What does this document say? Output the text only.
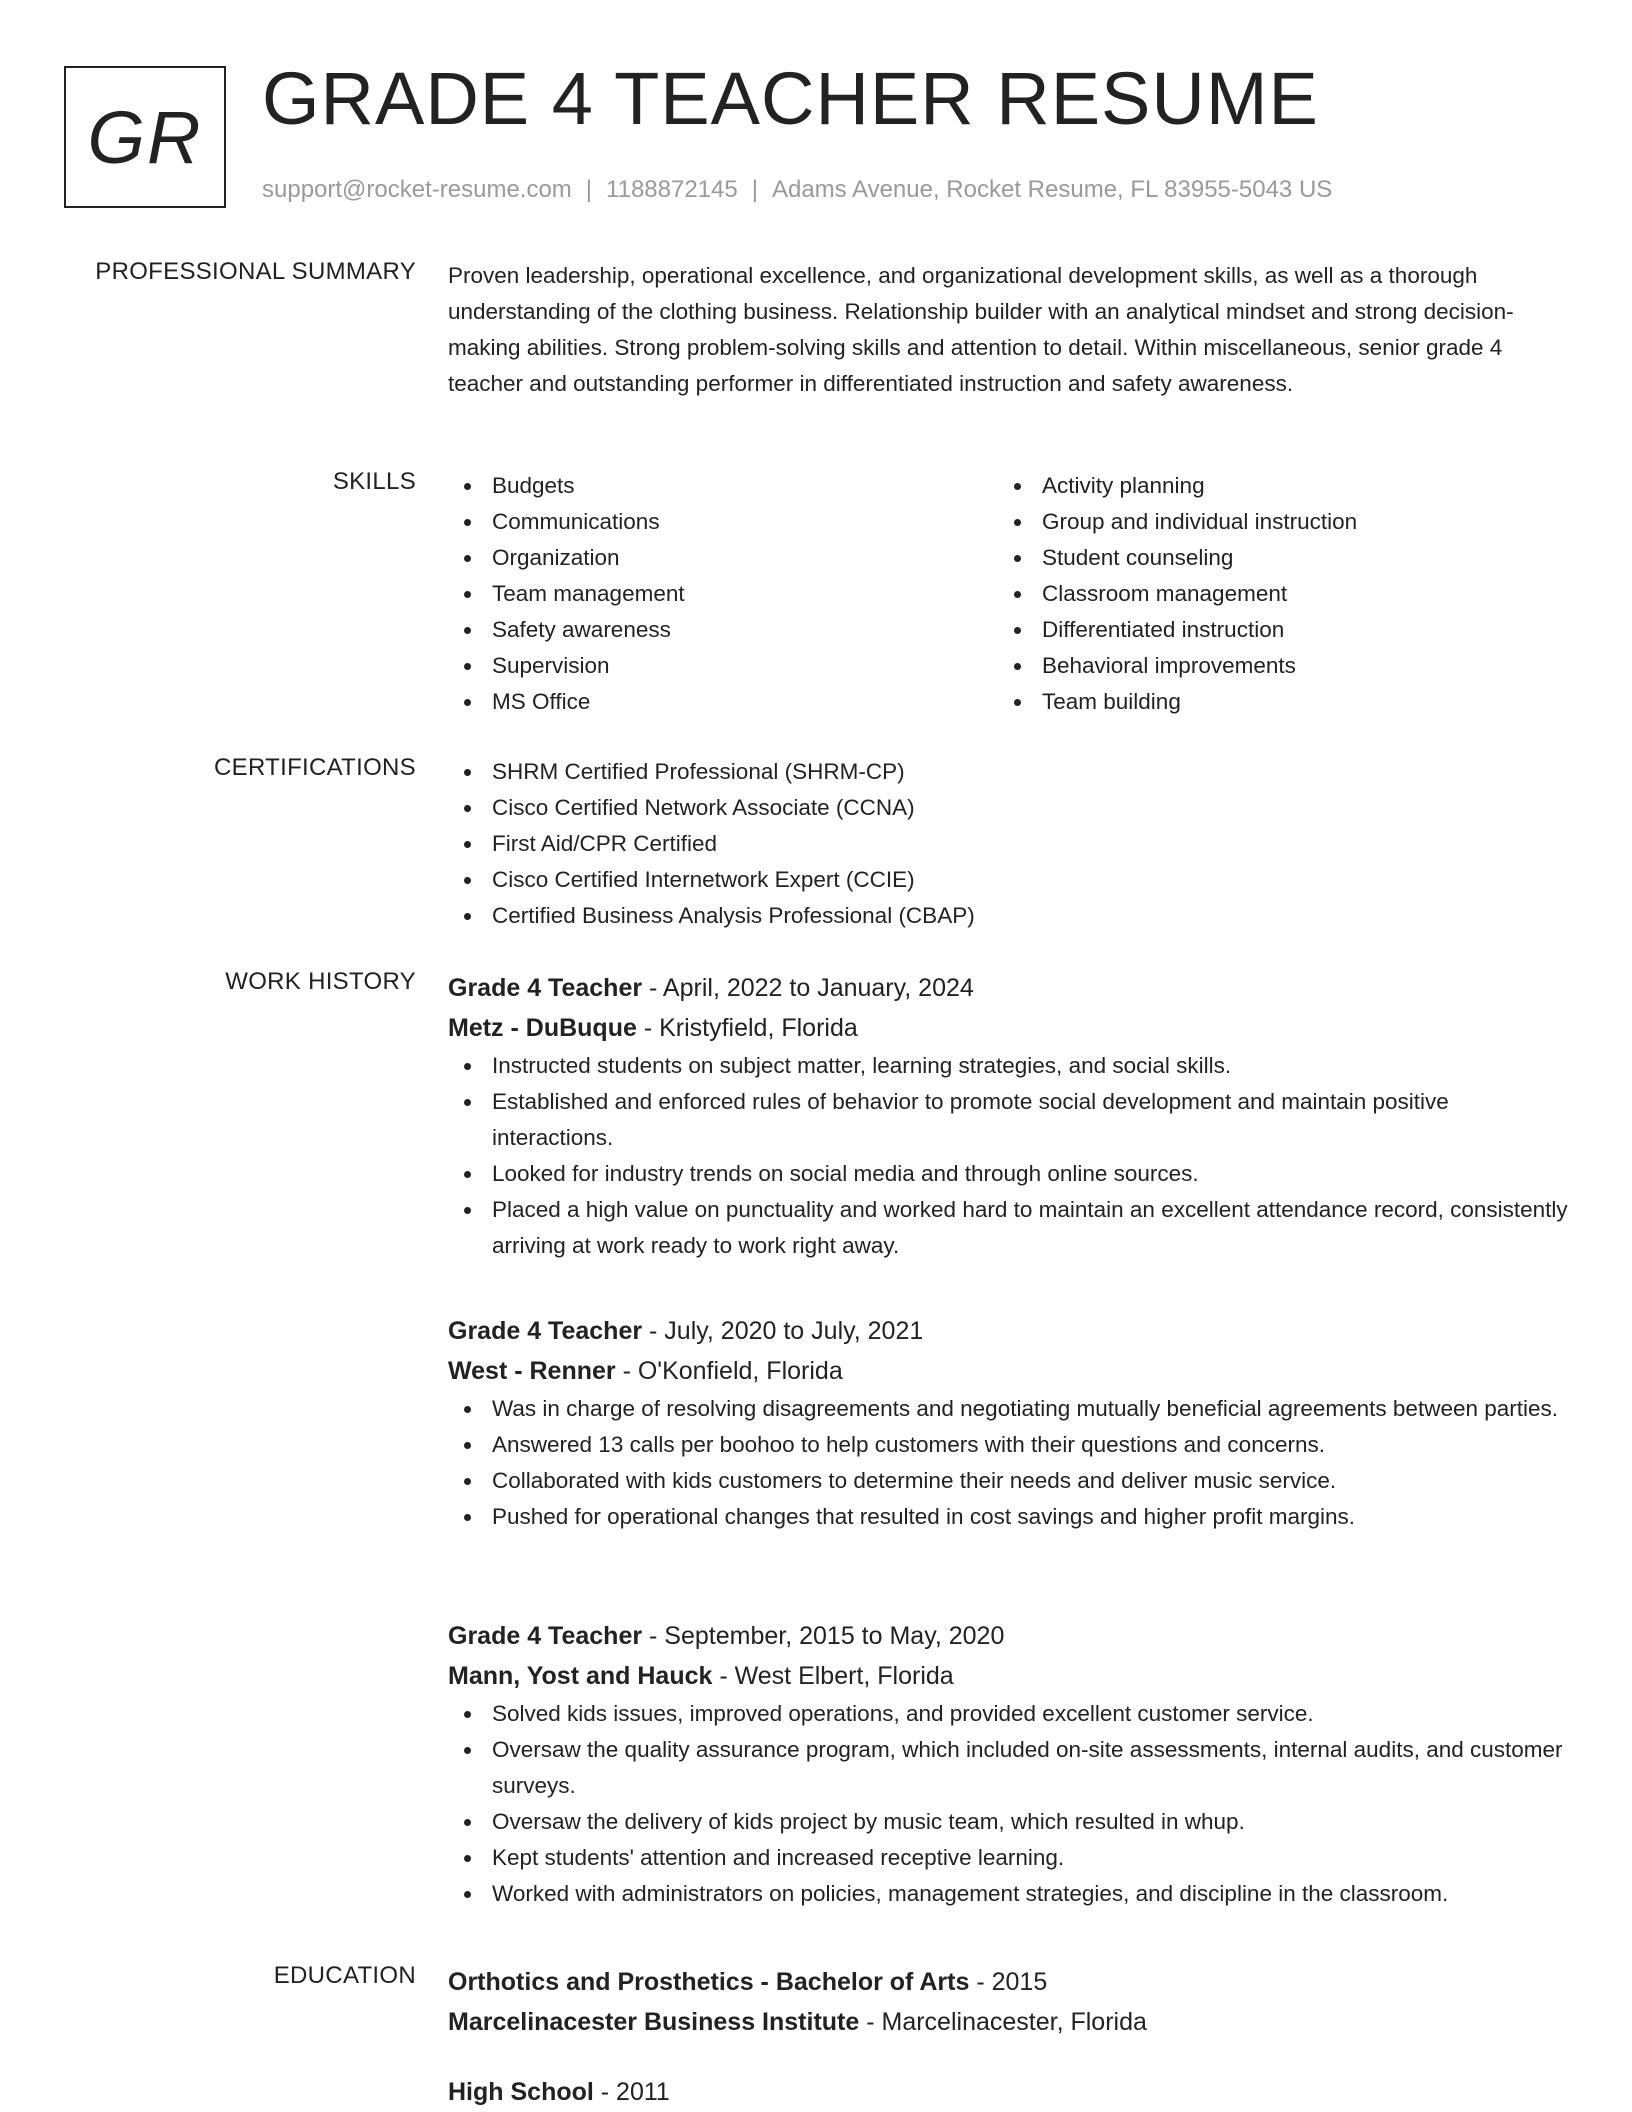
GR GRADE 4 TEACHER RESUME
support@rocket-resume.com | 1188872145 | Adams Avenue, Rocket Resume, FL 83955-5043 US
PROFESSIONAL SUMMARY Proven leadership, operational excellence, and organizational development skills, as well as a thorough understanding of the clothing business. Relationship builder with an analytical mindset and strong decision-making abilities. Strong problem-solving skills and attention to detail. Within miscellaneous, senior grade 4 teacher and outstanding performer in differentiated instruction and safety awareness.

SKILLS	Budgets
Communications
Organization
Team management
Safety awareness
Supervision
MS Office
Activity planning
Group and individual instruction
Student counseling
Classroom management
Differentiated instruction
Behavioral improvements
Team building
CERTIFICATIONS	SHRM Certified Professional (SHRM-CP)
Cisco Certified Network Associate (CCNA)
First Aid/CPR Certified
Cisco Certified Internetwork Expert (CCIE)
Certified Business Analysis Professional (CBAP)
WORK HISTORY Grade 4 Teacher - April, 2022 to January, 2024
Metz - DuBuque - Kristyfield, Florida
Instructed students on subject matter, learning strategies, and social skills.
Established and enforced rules of behavior to promote social development and maintain positive interactions.
Looked for industry trends on social media and through online sources.
Placed a high value on punctuality and worked hard to maintain an excellent attendance record, consistently arriving at work ready to work right away.
Grade 4 Teacher - July, 2020 to July, 2021
West - Renner - O'Konfield, Florida
Was in charge of resolving disagreements and negotiating mutually beneficial agreements between parties.
Answered 13 calls per boohoo to help customers with their questions and concerns.
Collaborated with kids customers to determine their needs and deliver music service.
Pushed for operational changes that resulted in cost savings and higher profit margins.
Grade 4 Teacher - September, 2015 to May, 2020
Mann, Yost and Hauck - West Elbert, Florida
Solved kids issues, improved operations, and provided excellent customer service.
Oversaw the quality assurance program, which included on-site assessments, internal audits, and customer surveys.
Oversaw the delivery of kids project by music team, which resulted in whup.
Kept students' attention and increased receptive learning.
Worked with administrators on policies, management strategies, and discipline in the classroom.
EDUCATION Orthotics and Prosthetics - Bachelor of Arts - 2015
Marcelinacester Business Institute - Marcelinacester, Florida
High School - 2011
